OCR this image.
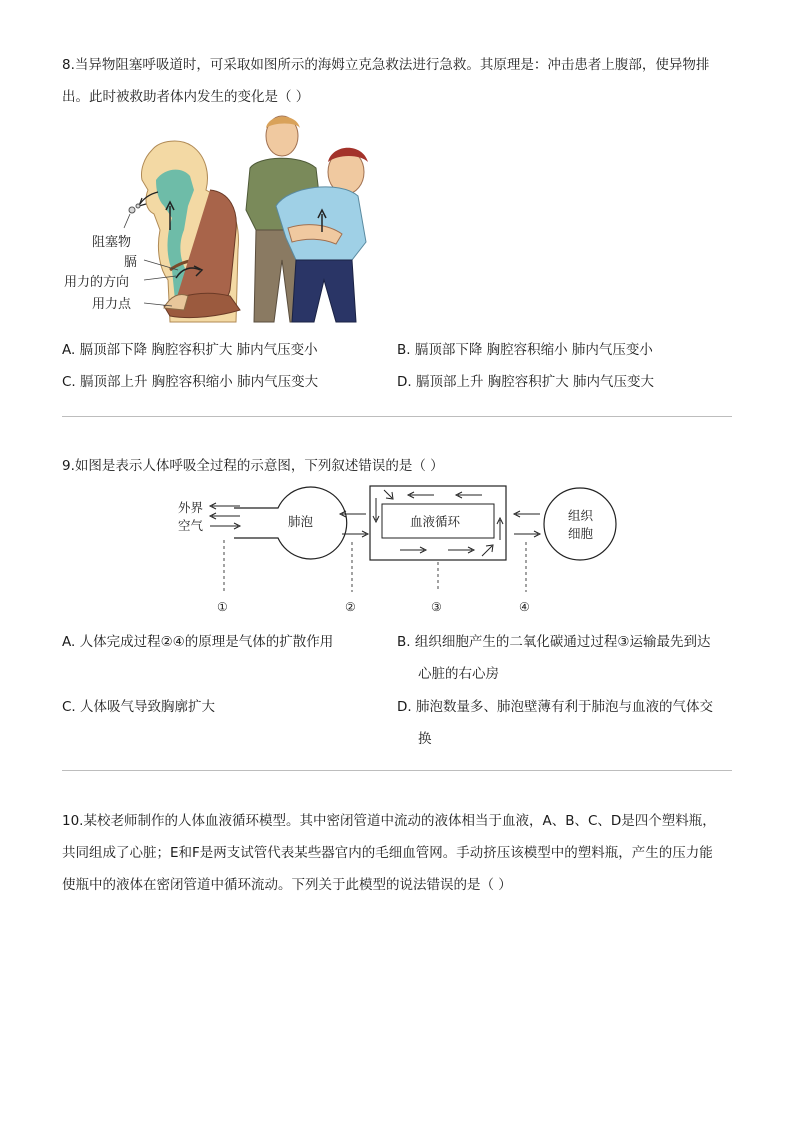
8.当异物阻塞呼吸道时，可采取如图所示的海姆立克急救法进行急救。其原理是：冲击患者上腹部，使异物排
出。此时被救助者体内发生的变化是（ ）
阻塞物
膈
用力的方向
用力点
A. 膈顶部下降 胸腔容积扩大 肺内气压变小	B. 膈顶部下降 胸腔容积缩小 肺内气压变小
C. 膈顶部上升 胸腔容积缩小 肺内气压变大	D. 膈顶部上升 胸腔容积扩大 肺内气压变大
9.如图是表示人体呼吸全过程的示意图，下列叙述错误的是（ ）
外界
空气	肺泡	血液循环	组织
细胞
①	②	③	④
A. 人体完成过程②④的原理是气体的扩散作用	B. 组织细胞产生的二氧化碳通过过程③运输最先到达
心脏的右心房
C. 人体吸气导致胸廓扩大	D. 肺泡数量多、肺泡壁薄有利于肺泡与血液的气体交
换
10.某校老师制作的人体血液循环模型。其中密闭管道中流动的液体相当于血液，A、B、C、D是四个塑料瓶，
共同组成了心脏；E和F是两支试管代表某些器官内的毛细血管网。手动挤压该模型中的塑料瓶，产生的压力能
使瓶中的液体在密闭管道中循环流动。下列关于此模型的说法错误的是（ ）
